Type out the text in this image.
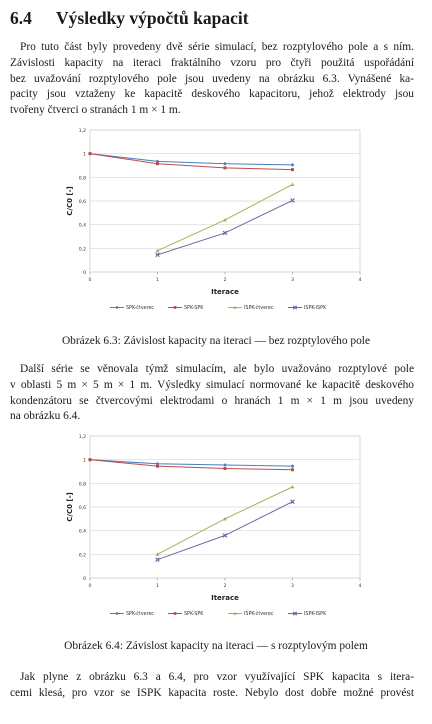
6.4 Výsledky výpočtů kapacit
Pro tuto část byly provedeny dvě série simulací, bez rozptylového pole a s ním.
Závislosti kapacity na iteraci fraktálního vzoru pro čtyři použitá uspořádání
bez uvažování rozptylového pole jsou uvedeny na obrázku 6.3. Vynášené ka-
pacity jsou vztaženy ke kapacitě deskového kapacitoru, jehož elektrody jsou
tvořeny čtverci o stranách 1 m × 1 m.
0
0,2
0,4
0,6
0,8
1
1,2
0	1	2	3	4
Iterace
C/C0 [-]
SPK-čtverec	SPK-SPK	ISPK-čtverec	ISPK-ISPK
Obrázek 6.3: Závislost kapacity na iteraci — bez rozptylového pole
Další série se věnovala týmž simulacím, ale bylo uvažováno rozptylové pole
v oblasti 5 m × 5 m × 1 m. Výsledky simulací normované ke kapacitě deskového
kondenzátoru se čtvercovými elektrodami o hranách 1 m × 1 m jsou uvedeny
na obrázku 6.4.
0
0,2
0,4
0,6
0,8
1
1,2
0	1	2	3	4
Iterace
C/C0 [-]
SPK-čtverec	SPK-SPK	ISPK-čtverec	ISPK-ISPK
Obrázek 6.4: Závislost kapacity na iteraci — s rozptylovým polem
Jak plyne z obrázku 6.3 a 6.4, pro vzor využívající SPK kapacita s itera-
cemi klesá, pro vzor se ISPK kapacita roste. Nebylo dost dobře možné provést
